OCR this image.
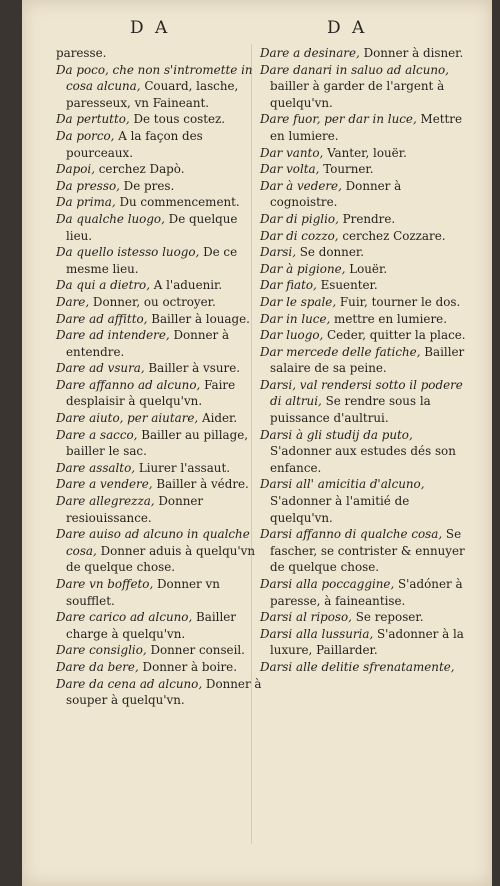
D A	D A

paresse.

Da poco, che non s'intromette in cosa alcuna, Couard, lasche, paresseux, vn Faineant.

Da pertutto, De tous costez.

Da porco, A la façon des pourceaux.

Dapoi, cerchez Dapò.

Da presso, De pres.

Da prima, Du commencement.

Da qualche luogo, De quelque lieu.

Da quello istesso luogo, De ce mesme lieu.

Da qui a dietro, A l'aduenir.

Dare, Donner, ou octroyer.

Dare ad affitto, Bailler à louage.

Dare ad intendere, Donner à entendre.

Dare ad vsura, Bailler à vsure.

Dare affanno ad alcuno, Faire desplaisir à quelqu'vn.

Dare aiuto, per aiutare, Aider.

Dare a sacco, Bailler au pillage, bailler le sac.

Dare assalto, Liurer l'assaut.

Dare a vendere, Bailler à védre.

Dare allegrezza, Donner resiouissance.

Dare auiso ad alcuno in qualche cosa, Donner aduis à quelqu'vn de quelque chose.

Dare vn boffeto, Donner vn soufflet.

Dare carico ad alcuno, Bailler charge à quelqu'vn.

Dare consiglio, Donner conseil.

Dare da bere, Donner à boire.

Dare da cena ad alcuno, Donner à souper à quelqu'vn.

Dare a desinare, Donner à disner.

Dare danari in saluo ad alcuno, bailler à garder de l'argent à quelqu'vn.

Dare fuor, per dar in luce, Mettre en lumiere.

Dar vanto, Vanter, louër.

Dar volta, Tourner.

Dar à vedere, Donner à cognoistre.

Dar di piglio, Prendre.

Dar di cozzo, cerchez Cozzare.

Darsi, Se donner.

Dar à pigione, Louër.

Dar fiato, Esuenter.

Dar le spale, Fuir, tourner le dos.

Dar in luce, mettre en lumiere.

Dar luogo, Ceder, quitter la place.

Dar mercede delle fatiche, Bailler salaire de sa peine.

Darsi, val rendersi sotto il podere di altrui, Se rendre sous la puissance d'aultrui.

Darsi à gli studij da puto, S'adonner aux estudes dés son enfance.

Darsi all' amicitia d'alcuno, S'adonner à l'amitié de quelqu'vn.

Darsi affanno di qualche cosa, Se fascher, se contrister & ennuyer de quelque chose.

Darsi alla poccaggine, S'adóner à paresse, à faineantise.

Darsi al riposo, Se reposer.

Darsi alla lussuria, S'adonner à la luxure, Paillarder.

Darsi alle delitie sfrenatamente,
